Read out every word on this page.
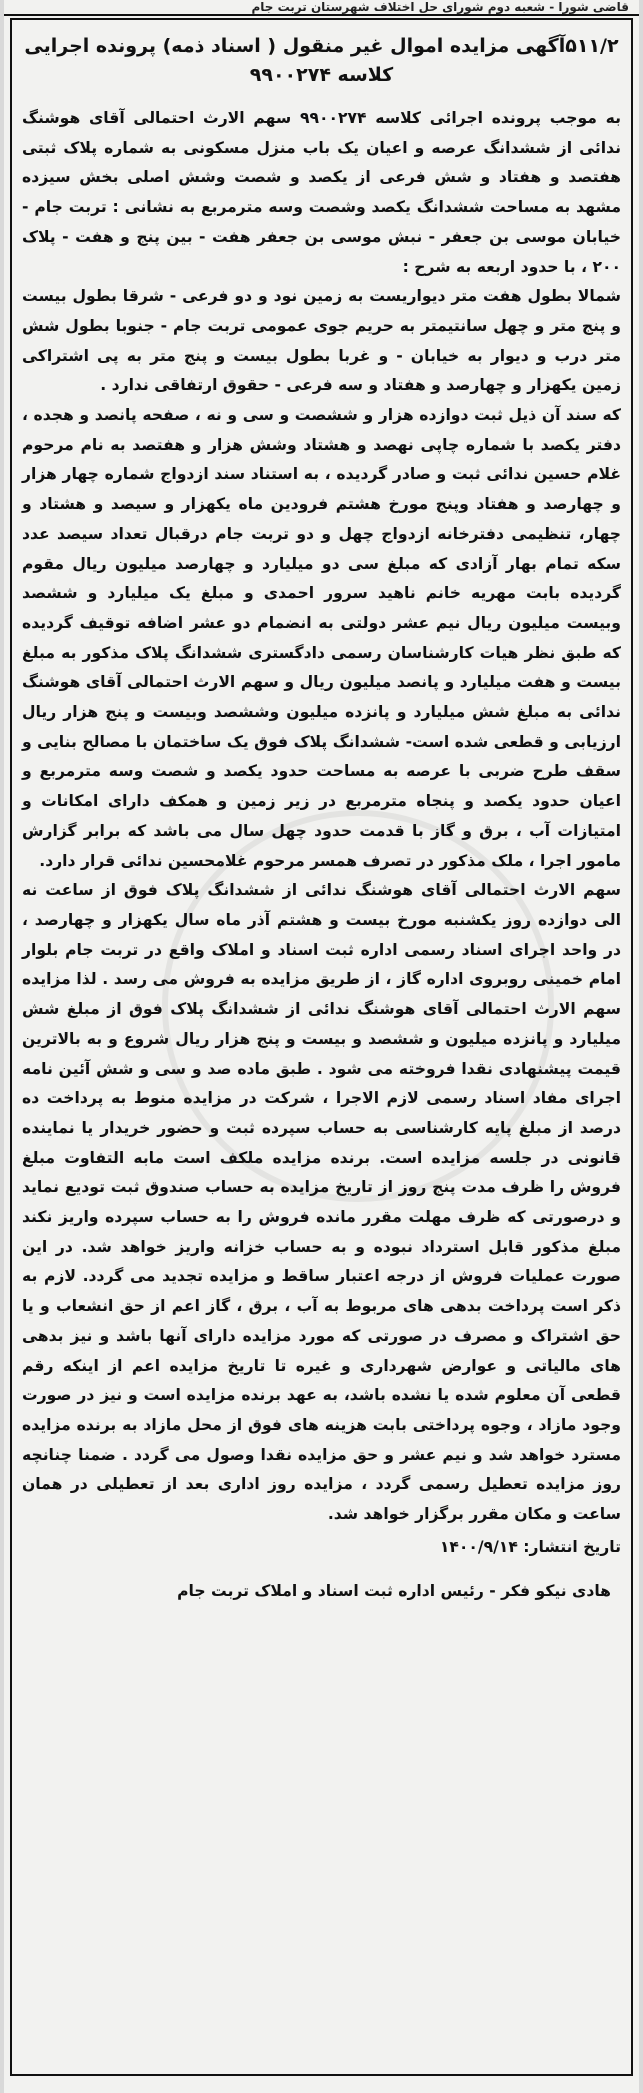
قاضی شورا - شعبه دوم شورای حل اختلاف شهرستان تربت جام
۵۱۱/۲آگهی مزایده اموال غیر منقول ( اسناد ذمه) پرونده اجرایی
کلاسه ۹۹۰۰۲۷۴

به موجب پرونده اجرائی کلاسه ۹۹۰۰۲۷۴ سهم الارث احتمالی آقای هوشنگ ندائی از ششدانگ عرصه و اعیان یک باب منزل مسکونی به شماره پلاک ثبتی هفتصد و هفتاد و شش فرعی از یکصد و شصت وشش اصلی بخش سیزده مشهد به مساحت ششدانگ یکصد وشصت وسه مترمربع به نشانی : تربت جام - خیابان موسی بن جعفر - نبش موسی بن جعفر هفت - بین پنج و هفت - پلاک ۲۰۰ ، با حدود اربعه به شرح :

شمالا بطول هفت متر دیواریست به زمین نود و دو فرعی - شرقا بطول بیست و پنج متر و چهل سانتیمتر به حریم جوی عمومی تربت جام - جنوبا بطول شش متر درب و دیوار به خیابان - و غربا بطول بیست و پنج متر به پی اشتراکی زمین یکهزار و چهارصد و هفتاد و سه فرعی - حقوق ارتفاقی ندارد .

که سند آن ذیل ثبت دوازده هزار و ششصت و سی و نه ، صفحه پانصد و هجده ، دفتر یکصد با شماره چاپی نهصد و هشتاد وشش هزار و هفتصد به نام مرحوم غلام حسین ندائی ثبت و صادر گردیده ، به استناد سند ازدواج شماره چهار هزار و چهارصد و هفتاد وپنج مورخ هشتم فرودین ماه یکهزار و سیصد و هشتاد و چهار، تنظیمی دفترخانه ازدواج چهل و دو تربت جام درقبال تعداد سیصد عدد سکه تمام بهار آزادی که مبلغ سی دو میلیارد و چهارصد میلیون ریال مقوم گردیده بابت مهریه خانم ناهید سرور احمدی و مبلغ یک میلیارد و ششصد وبیست میلیون ریال نیم عشر دولتی به انضمام دو عشر اضافه توقیف گردیده که طبق نظر هیات کارشناسان رسمی دادگستری ششدانگ پلاک مذکور به مبلغ بیست و هفت میلیارد و پانصد میلیون ریال و سهم الارث احتمالی آقای هوشنگ ندائی به مبلغ شش میلیارد و پانزده میلیون وششصد وبیست و پنج هزار ریال ارزیابی و قطعی شده است- ششدانگ پلاک فوق یک ساختمان با مصالح بنایی و سقف طرح ضربی با عرصه به مساحت حدود یکصد و شصت وسه مترمربع و اعیان حدود یکصد و پنجاه مترمربع در زیر زمین و همکف دارای امکانات و امتیازات آب ، برق و گاز با قدمت حدود چهل سال می باشد که برابر گزارش مامور اجرا ، ملک مذکور در تصرف همسر مرحوم غلامحسین ندائی قرار دارد.

سهم الارث احتمالی آقای هوشنگ ندائی از ششدانگ پلاک فوق از ساعت نه الی دوازده روز یکشنبه مورخ بیست و هشتم آذر ماه سال یکهزار و چهارصد ، در واحد اجرای اسناد رسمی اداره ثبت اسناد و املاک واقع در تربت جام بلوار امام خمینی روبروی اداره گاز ، از طریق مزایده به فروش می رسد . لذا مزایده سهم الارث احتمالی آقای هوشنگ ندائی از ششدانگ پلاک فوق از مبلغ شش میلیارد و پانزده میلیون و ششصد و بیست و پنج هزار ریال شروع و به بالاترین قیمت پیشنهادی نقدا فروخته می شود . طبق ماده صد و سی و شش آئین نامه اجرای مفاد اسناد رسمی لازم الاجرا ، شرکت در مزایده منوط به پرداخت ده درصد از مبلغ پایه کارشناسی به حساب سپرده ثبت و حضور خریدار یا نماینده قانونی در جلسه مزایده است. برنده مزایده ملکف است مابه التفاوت مبلغ فروش را ظرف مدت پنج روز از تاریخ مزایده به حساب صندوق ثبت تودیع نماید و درصورتی که ظرف مهلت مقرر مانده فروش را به حساب سپرده واریز نکند مبلغ مذکور قابل استرداد نبوده و به حساب خزانه واریز خواهد شد. در این صورت عملیات فروش از درجه اعتبار ساقط و مزایده تجدید می گردد. لازم به ذکر است پرداخت بدهی های مربوط به آب ، برق ، گاز اعم از حق انشعاب و یا حق اشتراک و مصرف در صورتی که مورد مزایده دارای آنها باشد و نیز بدهی های مالیاتی و عوارض شهرداری و غیره تا تاریخ مزایده اعم از اینکه رقم قطعی آن معلوم شده یا نشده باشد، به عهد برنده مزایده است و نیز در صورت وجود مازاد ، وجوه پرداختی بابت هزینه های فوق از محل مازاد به برنده مزایده مسترد خواهد شد و نیم عشر و حق مزایده نقدا وصول می گردد . ضمنا چنانچه روز مزایده تعطیل رسمی گردد ، مزایده روز اداری بعد از تعطیلی در همان ساعت و مکان مقرر برگزار خواهد شد.

تاریخ انتشار: ۱۴۰۰/۹/۱۴
هادی نیکو فکر - رئیس اداره ثبت اسناد و املاک تربت جام
